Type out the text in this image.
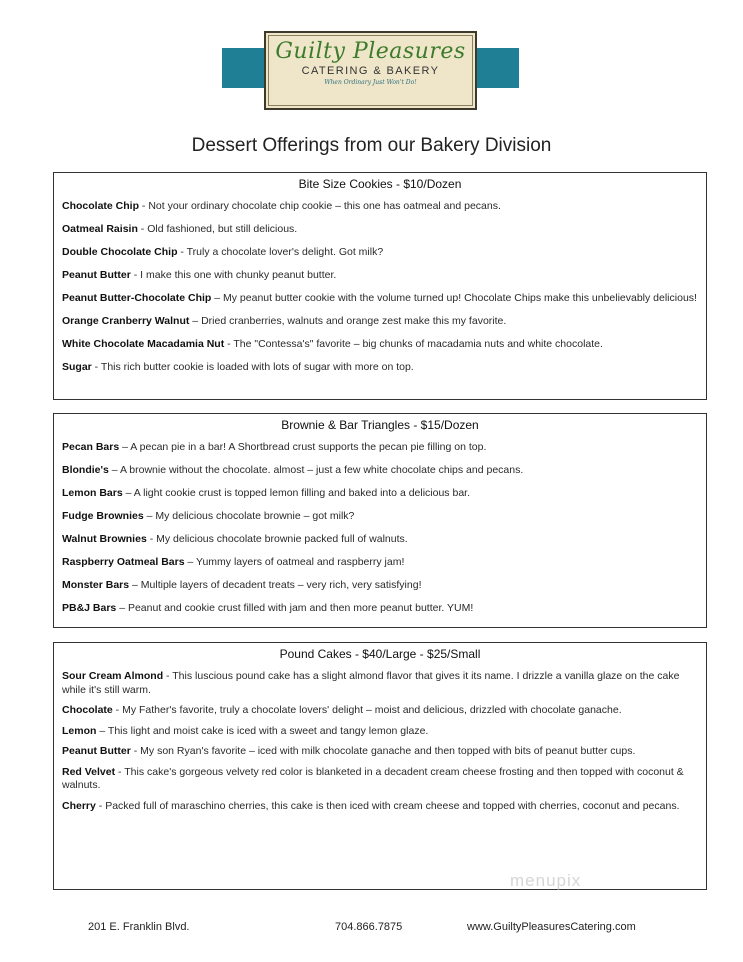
Guilty Pleasures
CATERING & BAKERY
When Ordinary Just Won't Do!
Dessert Offerings from our Bakery Division
Bite Size Cookies - $10/Dozen
Chocolate Chip - Not your ordinary chocolate chip cookie – this one has oatmeal and pecans.
Oatmeal Raisin - Old fashioned, but still delicious.
Double Chocolate Chip - Truly a chocolate lover's delight. Got milk?
Peanut Butter - I make this one with chunky peanut butter.
Peanut Butter-Chocolate Chip – My peanut butter cookie with the volume turned up! Chocolate Chips make this unbelievably delicious!
Orange Cranberry Walnut – Dried cranberries, walnuts and orange zest make this my favorite.
White Chocolate Macadamia Nut - The "Contessa's" favorite – big chunks of macadamia nuts and white chocolate.
Sugar - This rich butter cookie is loaded with lots of sugar with more on top.
Brownie & Bar Triangles - $15/Dozen
Pecan Bars – A pecan pie in a bar! A Shortbread crust supports the pecan pie filling on top.
Blondie's – A brownie without the chocolate. almost – just a few white chocolate chips and pecans.
Lemon Bars – A light cookie crust is topped lemon filling and baked into a delicious bar.
Fudge Brownies – My delicious chocolate brownie – got milk?
Walnut Brownies - My delicious chocolate brownie packed full of walnuts.
Raspberry Oatmeal Bars – Yummy layers of oatmeal and raspberry jam!
Monster Bars – Multiple layers of decadent treats – very rich, very satisfying!
PB&J Bars – Peanut and cookie crust filled with jam and then more peanut butter. YUM!
Pound Cakes - $40/Large - $25/Small
Sour Cream Almond - This luscious pound cake has a slight almond flavor that gives it its name. I drizzle a vanilla glaze on the cake while it's still warm.
Chocolate - My Father's favorite, truly a chocolate lovers' delight – moist and delicious, drizzled with chocolate ganache.
Lemon – This light and moist cake is iced with a sweet and tangy lemon glaze.
Peanut Butter - My son Ryan's favorite – iced with milk chocolate ganache and then topped with bits of peanut butter cups.
Red Velvet - This cake's gorgeous velvety red color is blanketed in a decadent cream cheese frosting and then topped with coconut & walnuts.
Cherry - Packed full of maraschino cherries, this cake is then iced with cream cheese and topped with cherries, coconut and pecans.
menupix
201 E. Franklin Blvd.	704.866.7875	www.GuiltyPleasuresCatering.com
